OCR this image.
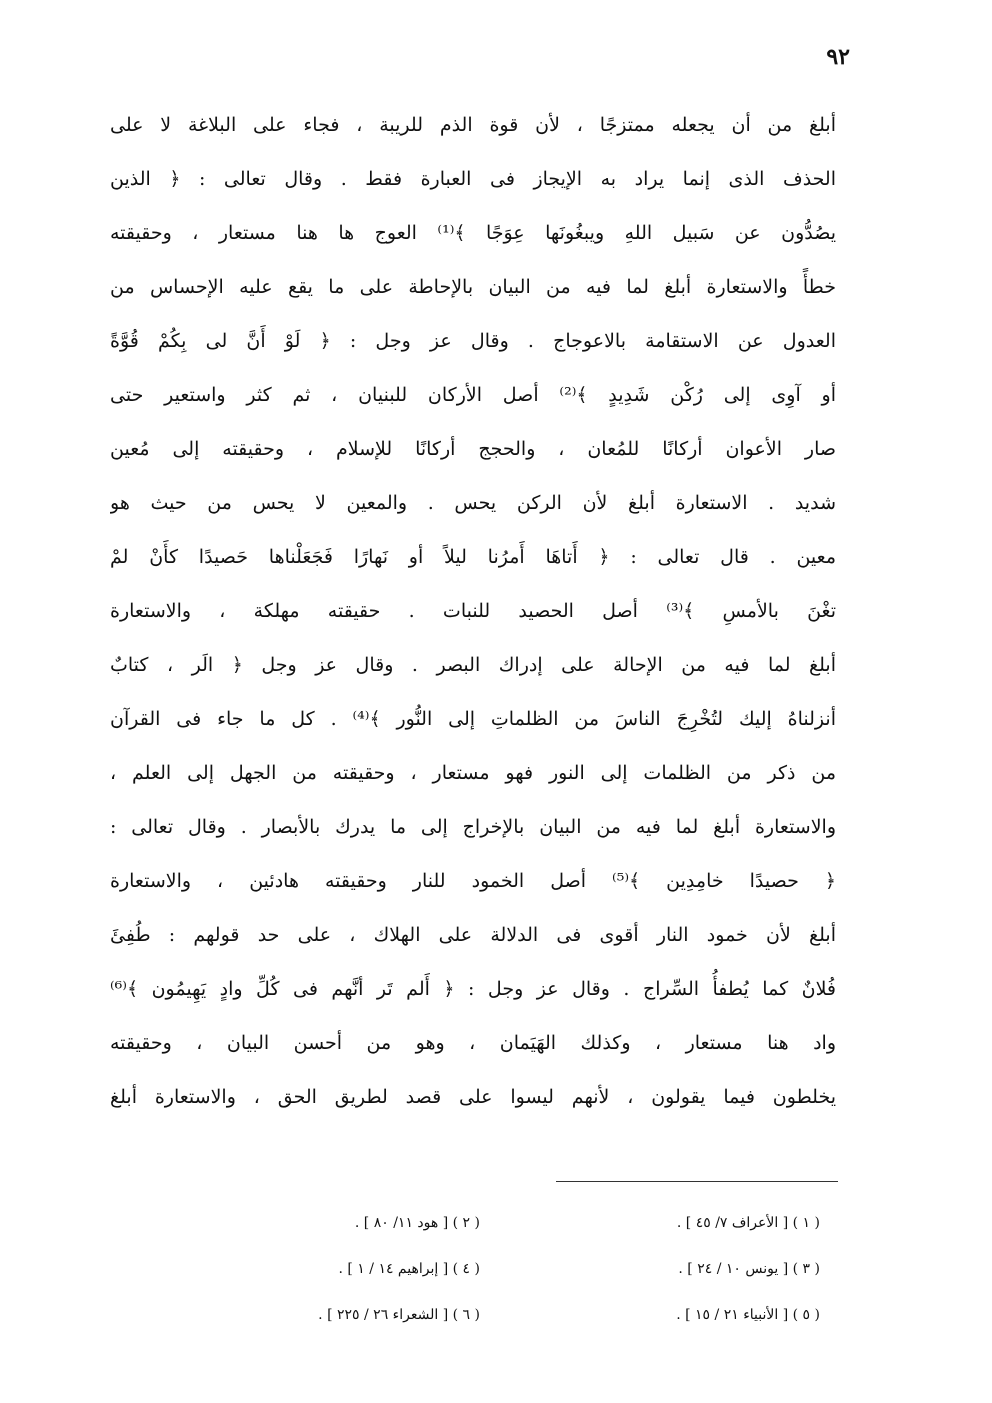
٩٢
أبلغ من أن يجعله ممتزجًا ، لأن قوة الذم للريبة ، فجاء على البلاغة لا على
الحذف الذى إنما يراد به الإيجاز فى العبارة فقط . وقال تعالى : ﴿ الذين
يصُدُّون عن سَبيل اللهِ ويبغُونَها عِوَجًا ﴾⁽¹⁾ العوج ها هنا مستعار ، وحقيقته
خطأً والاستعارة أبلغ لما فيه من البيان بالإحاطة على ما يقع عليه الإحساس من
العدول عن الاستقامة بالاعوجاج . وقال عز وجل : ﴿ لَوْ أَنَّ لى بِكُمْ قُوَّةً
أو آوِى إلى رُكْن شَدِيدٍ ﴾⁽²⁾ أصل الأركان للبنيان ، ثم كثر واستعير حتى
صار الأعوان أركانًا للمُعان ، والحجج أركانًا للإسلام ، وحقيقته إلى مُعين
شديد . الاستعارة أبلغ لأن الركن يحس . والمعين لا يحس من حيث هو
معين . قال تعالى : ﴿ أَتاهَا أَمرُنا ليلاً أو نَهارًا فَجَعَلْناها حَصيدًا كأَنْ لمْ
تغْنَ بالأمسِ ﴾⁽³⁾ أصل الحصيد للنبات . حقيقته مهلكة ، والاستعارة
أبلغ لما فيه من الإحالة على إدراك البصر . وقال عز وجل ﴿ الَر ، كتابٌ
أنزلناهُ إليك لتُخْرِجَ الناسَ من الظلماتِ إلى النُّور ﴾⁽⁴⁾ . كل ما جاء فى القرآن
من ذكر من الظلمات إلى النور فهو مستعار ، وحقيقته من الجهل إلى العلم ،
والاستعارة أبلغ لما فيه من البيان بالإخراج إلى ما يدرك بالأبصار . وقال تعالى :
﴿ حصيدًا خامِدِين ﴾⁽⁵⁾ أصل الخمود للنار وحقيقته هادئين ، والاستعارة
أبلغ لأن خمود النار أقوى فى الدلالة على الهلاك ، على حد قولهم : طُفِئَ
فُلانٌ كما يُطفأُ السِّراج . وقال عز وجل : ﴿ أَلم تَر أنَّهم فى كُلِّ وادٍ يَهِيمُون ﴾⁽⁶⁾
واد هنا مستعار ، وكذلك الهَيَمان ، وهو من أحسن البيان ، وحقيقته
يخلطون فيما يقولون ، لأنهم ليسوا على قصد لطريق الحق ، والاستعارة أبلغ
( ١ ) [ الأعراف ٧/ ٤٥ ] .
( ٢ ) [ هود ١١/ ٨٠ ] .
( ٣ ) [ يونس ١٠ / ٢٤ ] .
( ٤ ) [ إبراهيم ١٤ / ١ ] .
( ٥ ) [ الأنبياء ٢١ / ١٥ ] .
( ٦ ) [ الشعراء ٢٦ / ٢٢٥ ] .
